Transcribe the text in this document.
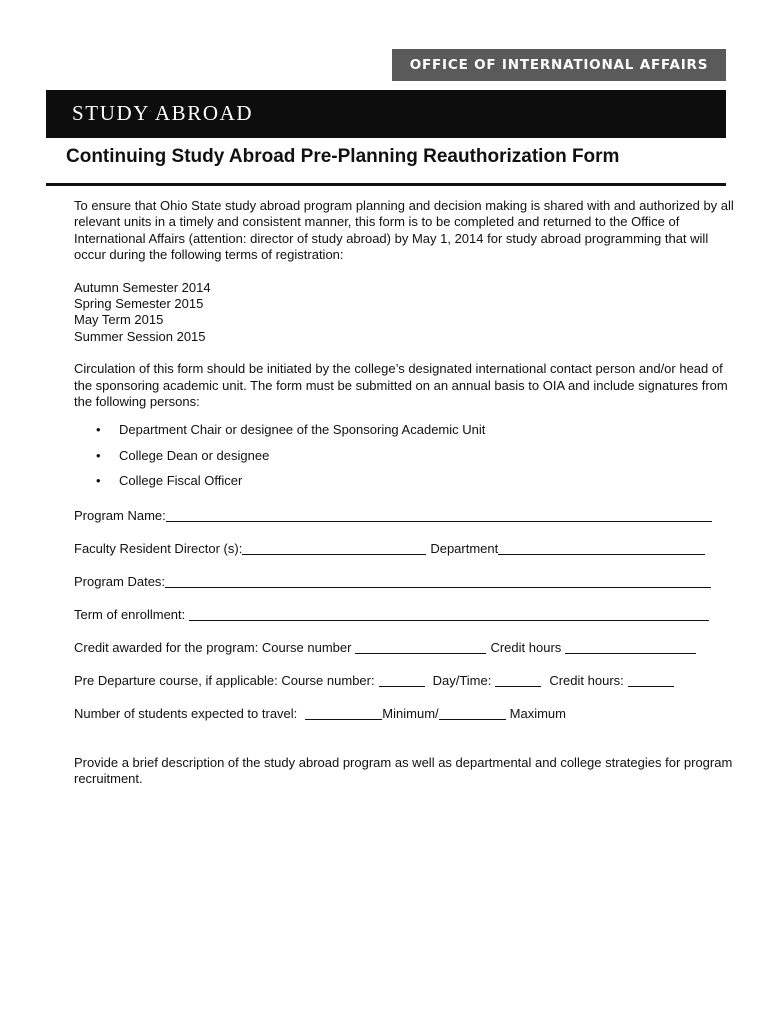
OFFICE OF INTERNATIONAL AFFAIRS
STUDY ABROAD
Continuing Study Abroad Pre-Planning Reauthorization Form

To ensure that Ohio State study abroad program planning and decision making is shared with and authorized by all relevant units in a timely and consistent manner, this form is to be completed and returned to the Office of International Affairs (attention: director of study abroad) by May 1, 2014 for study abroad programming that will occur during the following terms of registration:

Autumn Semester 2014
Spring Semester 2015
May Term 2015
Summer Session 2015

Circulation of this form should be initiated by the college’s designated international contact person and/or head of the sponsoring academic unit. The form must be submitted on an annual basis to OIA and include signatures from the following persons:

• Department Chair or designee of the Sponsoring Academic Unit
• College Dean or designee
• College Fiscal Officer
Program Name:
Faculty Resident Director (s):	Department
Program Dates:
Term of enrollment:
Credit awarded for the program: Course number	Credit hours
Pre Departure course, if applicable: Course number:	Day/Time:	Credit hours:
Number of students expected to travel:	Minimum/	Maximum

Provide a brief description of the study abroad program as well as departmental and college strategies for program recruitment.
